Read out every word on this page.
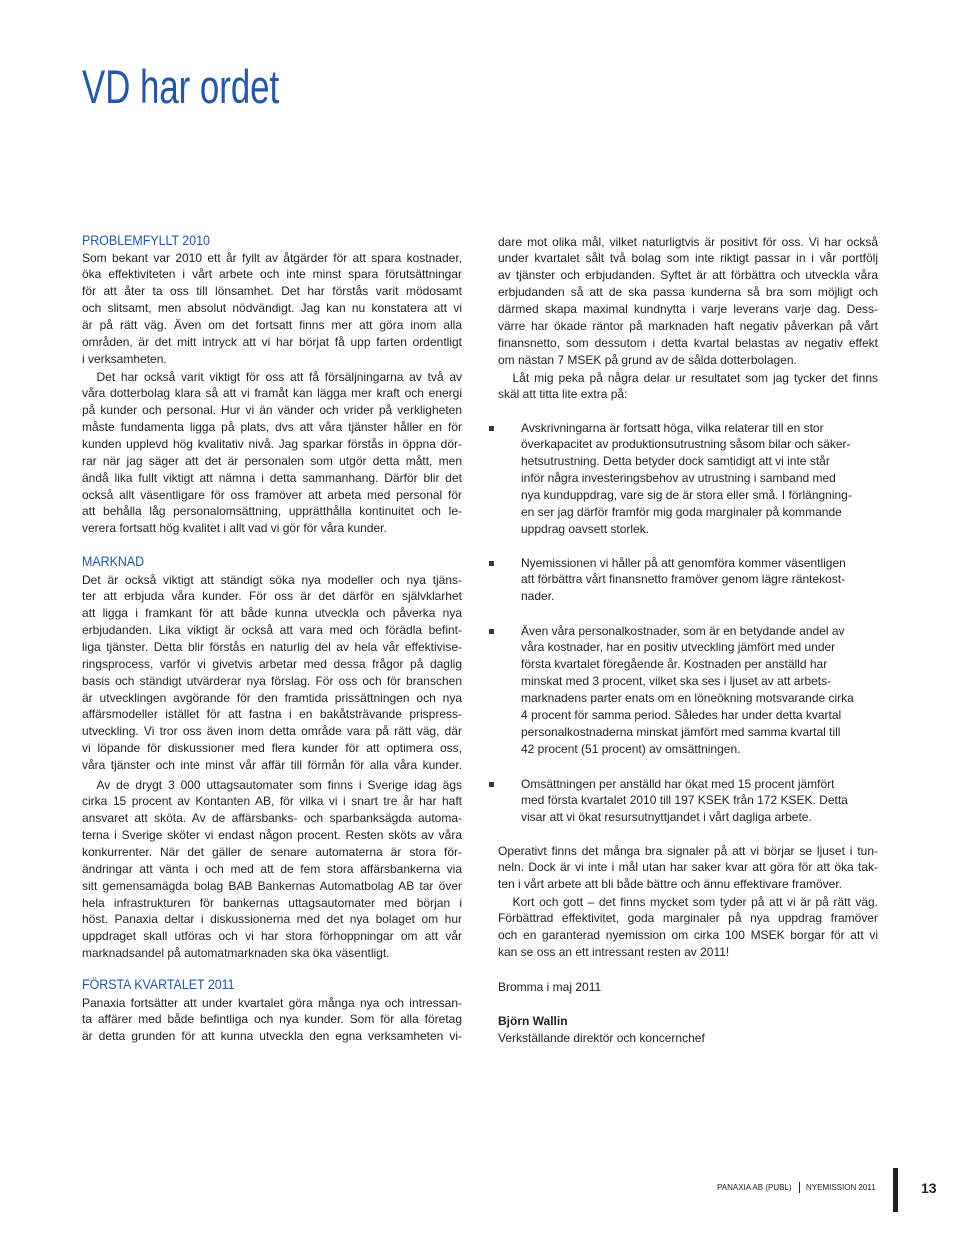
VD har ordet
PROBLEMFYLLT 2010
Som bekant var 2010 ett år fyllt av åtgärder för att spara kostnader,
öka effektiviteten i vårt arbete och inte minst spara förutsättningar
för att åter ta oss till lönsamhet. Det har förstås varit mödosamt
och slitsamt, men absolut nödvändigt. Jag kan nu konstatera att vi
är på rätt väg. Även om det fortsatt finns mer att göra inom alla
områden, är det mitt intryck att vi har börjat få upp farten ordentligt
i verksamheten.
Det har också varit viktigt för oss att få försäljningarna av två av
våra dotterbolag klara så att vi framåt kan lägga mer kraft och energi
på kunder och personal. Hur vi än vänder och vrider på verkligheten
måste fundamenta ligga på plats, dvs att våra tjänster håller en för
kunden upplevd hög kvalitativ nivå. Jag sparkar förstås in öppna dör-
rar när jag säger att det är personalen som utgör detta mått, men
ändå lika fullt viktigt att nämna i detta sammanhang. Därför blir det
också allt väsentligare för oss framöver att arbeta med personal för
att behålla låg personalomsättning, upprätthålla kontinuitet och le-
verera fortsatt hög kvalitet i allt vad vi gör för våra kunder.
MARKNAD
Det är också viktigt att ständigt söka nya modeller och nya tjäns-
ter att erbjuda våra kunder. För oss är det därför en självklarhet
att ligga i framkant för att både kunna utveckla och påverka nya
erbjudanden. Lika viktigt är också att vara med och förädla befint-
liga tjänster. Detta blir förstås en naturlig del av hela vår effektivise-
ringsprocess, varför vi givetvis arbetar med dessa frågor på daglig
basis och ständigt utvärderar nya förslag. För oss och för branschen
är utvecklingen avgörande för den framtida prissättningen och nya
affärsmodeller istället för att fastna i en bakåtsträvande prispress-
utveckling. Vi tror oss även inom detta område vara på rätt väg, där
vi löpande för diskussioner med flera kunder för att optimera oss,
våra tjänster och inte minst vår affär till förmån för alla våra kunder.
Av de drygt 3 000 uttagsautomater som finns i Sverige idag ägs
cirka 15 procent av Kontanten AB, för vilka vi i snart tre år har haft
ansvaret att sköta. Av de affärsbanks- och sparbanksägda automa-
terna i Sverige sköter vi endast någon procent. Resten sköts av våra
konkurrenter. När det gäller de senare automaterna är stora för-
ändringar att vänta i och med att de fem stora affärsbankerna via
sitt gemensamägda bolag BAB Bankernas Automatbolag AB tar över
hela infrastrukturen för bankernas uttagsautomater med början i
höst. Panaxia deltar i diskussionerna med det nya bolaget om hur
uppdraget skall utföras och vi har stora förhoppningar om att vår
marknadsandel på automatmarknaden ska öka väsentligt.
FÖRSTA KVARTALET 2011
Panaxia fortsätter att under kvartalet göra många nya och intressan-
ta affärer med både befintliga och nya kunder. Som för alla företag
är detta grunden för att kunna utveckla den egna verksamheten vi-
dare mot olika mål, vilket naturligtvis är positivt för oss. Vi har också
under kvartalet sålt två bolag som inte riktigt passar in i vår portfölj
av tjänster och erbjudanden. Syftet är att förbättra och utveckla våra
erbjudanden så att de ska passa kunderna så bra som möjligt och
därmed skapa maximal kundnytta i varje leverans varje dag. Dess-
värre har ökade räntor på marknaden haft negativ påverkan på vårt
finansnetto, som dessutom i detta kvartal belastas av negativ effekt
om nästan 7 MSEK på grund av de sålda dotterbolagen.
Låt mig peka på några delar ur resultatet som jag tycker det finns
skäl att titta lite extra på:
Avskrivningarna är fortsatt höga, vilka relaterar till en stor
överkapacitet av produktionsutrustning såsom bilar och säker-
hetsutrustning. Detta betyder dock samtidigt att vi inte står
inför några investeringsbehov av utrustning i samband med
nya kunduppdrag, vare sig de är stora eller små. I förlängning-
en ser jag därför framför mig goda marginaler på kommande
uppdrag oavsett storlek.
Nyemissionen vi håller på att genomföra kommer väsentligen
att förbättra vårt finansnetto framöver genom lägre räntekost-
nader.
Även våra personalkostnader, som är en betydande andel av
våra kostnader, har en positiv utveckling jämfört med under
första kvartalet föregående år. Kostnaden per anställd har
minskat med 3 procent, vilket ska ses i ljuset av att arbets-
marknadens parter enats om en löneökning motsvarande cirka
4 procent för samma period. Således har under detta kvartal
personalkostnaderna minskat jämfört med samma kvartal till
42 procent (51 procent) av omsättningen.
Omsättningen per anställd har ökat med 15 procent jämfört
med första kvartalet 2010 till 197 KSEK från 172 KSEK. Detta
visar att vi ökat resursutnyttjandet i vårt dagliga arbete.
Operativt finns det många bra signaler på att vi börjar se ljuset i tun-
neln. Dock är vi inte i mål utan har saker kvar att göra för att öka tak-
ten i vårt arbete att bli både bättre och ännu effektivare framöver.
Kort och gott – det finns mycket som tyder på att vi är på rätt väg.
Förbättrad effektivitet, goda marginaler på nya uppdrag framöver
och en garanterad nyemission om cirka 100 MSEK borgar för att vi
kan se oss an ett intressant resten av 2011!
Bromma i maj 2011
Björn Wallin
Verkställande direktör och koncernchef
PANAXIA AB (PUBL) NYEMISSION 2011	13
